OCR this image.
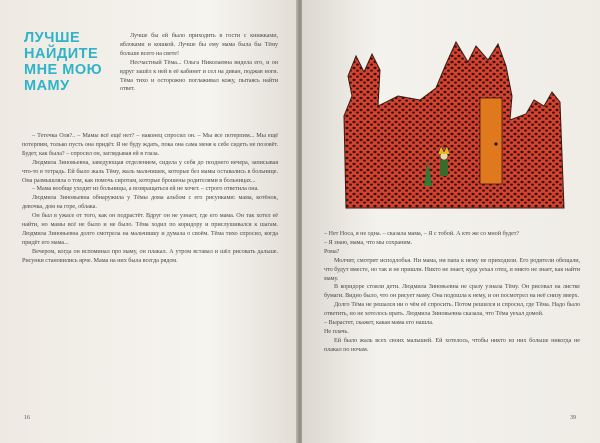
ЛУЧШЕ
НАЙДИТЕ
МНЕ МОЮ
МАМУ

Лучше бы ей было приходить в гости с книжками, яблоками и кошкой. Лучше бы ему мама была бы Тёму больше всего на свете!

Несчастный Тёма... Ольга Николаевна видела его, и он вдруг зашёл к ней в её кабинет и сел на диван, поджав ноги. Тёма тихо и осторожно поглаживал кожу, пытаясь найти ответ.

– Тетечка Оля?.. – Мамы всё ещё нет? – наконец спросил он. – Мы все потерпим... Мы ещё потерпим, только пусть она придёт. Я не буду ждать, пока она сама меня к себе сидеть не позовёт. Будет, как была? – спросил он, заглядывая ей в глаза.

Людмила Зиновьевна, заведующая отделением, сидела у себя до позднего вечера, записывая что-то в тетрадь. Ей было жаль Тёму, жаль мальчишек, которые без мамы оставались в больнице. Она размышляла о том, как помочь сиротам, которые брошены родителями в больницах...

– Мама вообще уходит из больницы, а возвращаться ей не хочет. – строго ответила она.

Людмила Зиновьевна обнаружила у Тёмы дома альбом с его рисунками: мама, котёнок, девочка, дом на горе, облака.

Он был в ужасе от того, как он подрастёт. Вдруг он не узнает, где его мама. Он так хотел её найти, но мамы всё не было и не было. Тёма ходил по коридору и прислушивался к шагам. Людмила Зиновьевна долго смотрела на мальчишку и думала о своём. Тёма тихо спросил, когда придёт его мама...

Вечером, когда он вспоминал про маму, он плакал. А утром вставал и шёл рисовать дальше. Рисунки становились ярче. Мама на них была всегда рядом.

16

– Нет Носа, я не одна. – сказала мама, – Я с тобой. А кто же со мной будет?

– Я знаю, мама, что мы сохраним.

Рома?

Молчит, смотрит исподлобья. Ни мама, ни папа к нему не приходили. Его родители обещали, что будут вместе, но так и не пришли. Никто не знает, куда уехал отец, и никто не знает, как найти маму.

В коридоре стояли дети. Людмила Зиновьевна не сразу узнала Тёму. Он рисовал на листке бумаги. Видно было, что он рисует маму. Она подошла к нему, и он посмотрел на неё снизу вверх.

Долго Тёма не решался ни о чём её спросить. Потом решился и спросил, где Тёма. Надо было ответить, но не хотелось врать. Людмила Зиновьевна сказала, что Тёма уехал домой.

– Вырастет, скажет, какая мама его нашла.

Не плачь.

Ей было жаль всех своих малышей. Ей хотелось, чтобы никто из них больше никогда не плакал по ночам.

39
